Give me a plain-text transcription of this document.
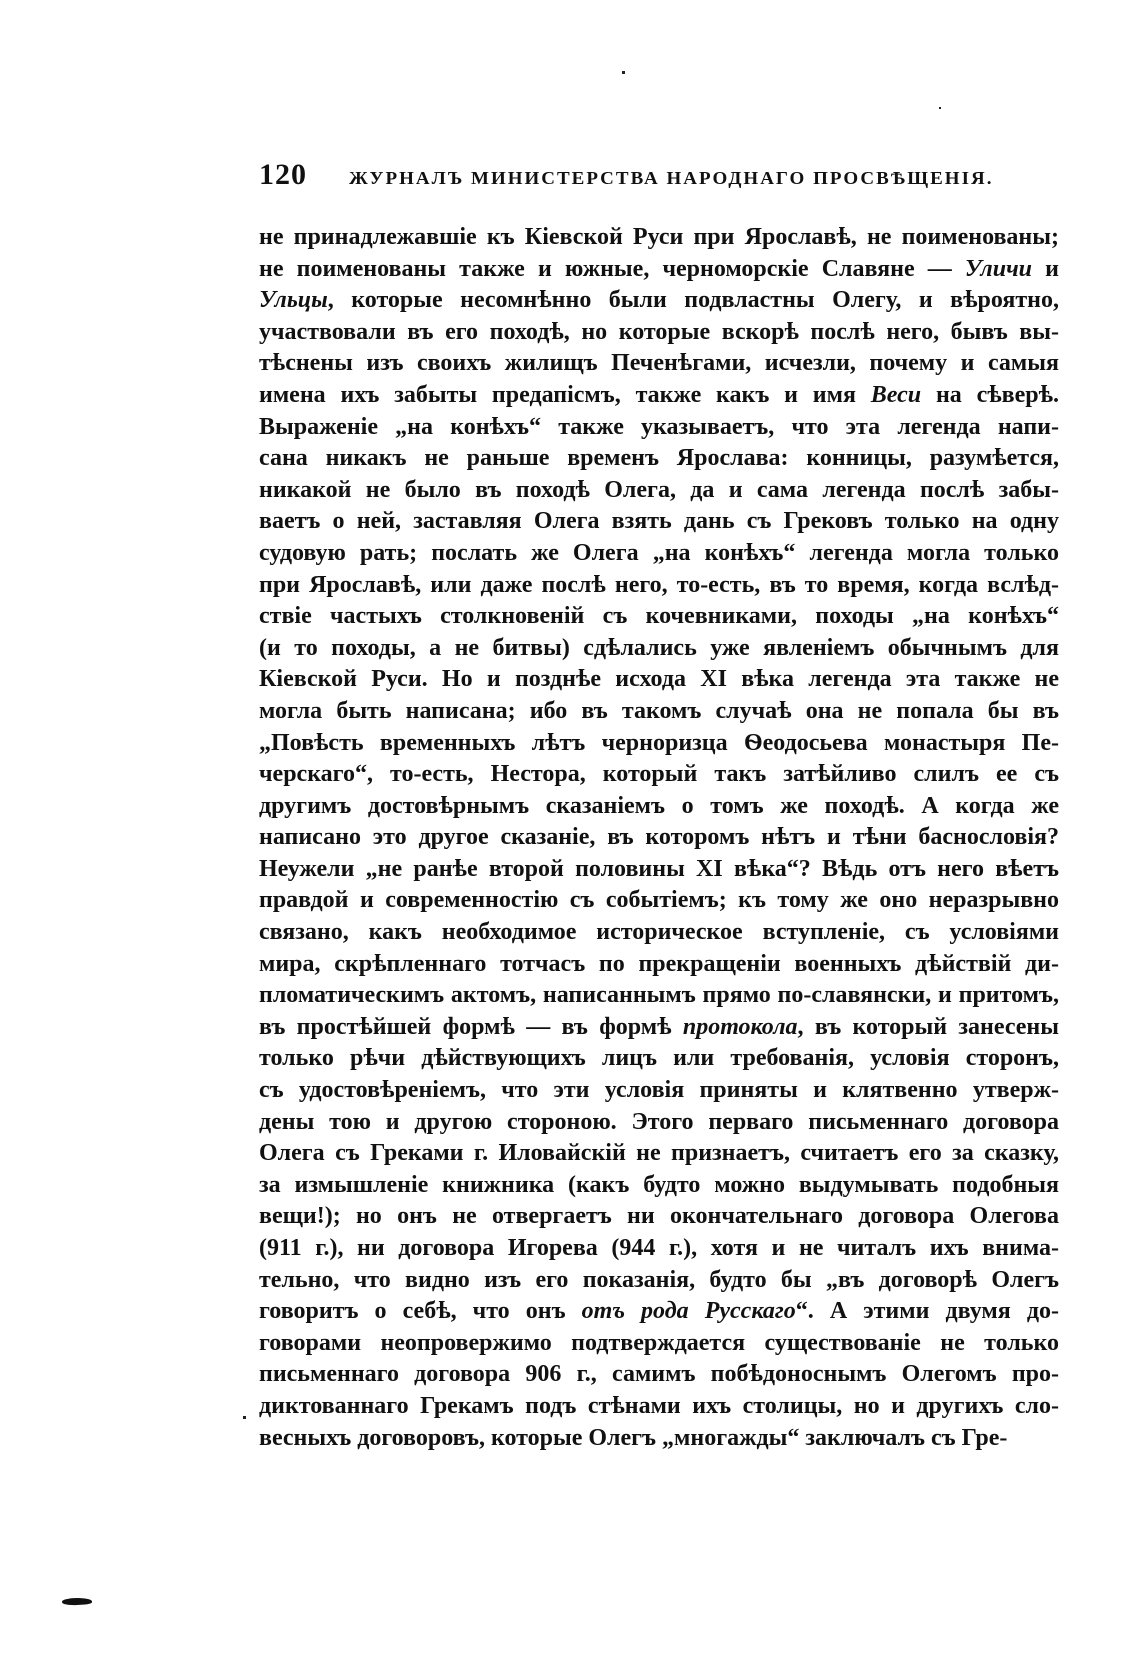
120 ЖУРНАЛЪ МИНИСТЕРСТВА НАРОДНАГО ПРОСВѢЩЕНІЯ.
не принадлежавшіе къ Кіевской Руси при Ярославѣ, не поименованы;
не поименованы также и южные, черноморскіе Славяне — Уличи и
Ульцы, которые несомнѣнно были подвластны Олегу, и вѣроятно,
участвовали въ его походѣ, но которые вскорѣ послѣ него, бывъ вы-
тѣснены изъ своихъ жилищъ Печенѣгами, исчезли, почему и самыя
имена ихъ забыты предапісмъ, также какъ и имя Веси на сѣверѣ.
Выраженіе „на конѣхъ“ также указываетъ, что эта легенда напи-
сана никакъ не раньше временъ Ярослава: конницы, разумѣется,
никакой не было въ походѣ Олега, да и сама легенда послѣ забы-
ваетъ о ней, заставляя Олега взять дань съ Грековъ только на одну
судовую рать; послать же Олега „на конѣхъ“ легенда могла только
при Ярославѣ, или даже послѣ него, то-есть, въ то время, когда вслѣд-
ствіе частыхъ столкновеній съ кочевниками, походы „на конѣхъ“
(и то походы, а не битвы) сдѣлались уже явленіемъ обычнымъ для
Кіевской Руси. Но и позднѣе исхода XI вѣка легенда эта также не
могла быть написана; ибо въ такомъ случаѣ она не попала бы въ
„Повѣсть временныхъ лѣтъ черноризца Ѳеодосьева монастыря Пе-
черскаго“, то-есть, Нестора, который такъ затѣйливо слилъ ее съ
другимъ достовѣрнымъ сказаніемъ о томъ же походѣ. А когда же
написано это другое сказаніе, въ которомъ нѣтъ и тѣни баснословія?
Неужели „не ранѣе второй половины XI вѣка“? Вѣдь отъ него вѣетъ
правдой и современностію съ событіемъ; къ тому же оно неразрывно
связано, какъ необходимое историческое вступленіе, съ условіями
мира, скрѣпленнаго тотчасъ по прекращеніи военныхъ дѣйствій ди-
пломатическимъ актомъ, написаннымъ прямо по-славянски, и притомъ,
въ простѣйшей формѣ — въ формѣ протокола, въ который занесены
только рѣчи дѣйствующихъ лицъ или требованія, условія сторонъ,
съ удостовѣреніемъ, что эти условія приняты и клятвенно утверж-
дены тою и другою стороною. Этого перваго письменнаго договора
Олега съ Греками г. Иловайскій не признаетъ, считаетъ его за сказку,
за измышленіе книжника (какъ будто можно выдумывать подобныя
вещи!); но онъ не отвергаетъ ни окончательнаго договора Олегова
(911 г.), ни договора Игорева (944 г.), хотя и не читалъ ихъ внима-
тельно, что видно изъ его показанія, будто бы „въ договорѣ Олегъ
говоритъ о себѣ, что онъ отъ рода Русскаго“. А этими двумя до-
говорами неопровержимо подтверждается существованіе не только
письменнаго договора 906 г., самимъ побѣдоноснымъ Олегомъ про-
диктованнаго Грекамъ подъ стѣнами ихъ столицы, но и другихъ сло-
весныхъ договоровъ, которые Олегъ „многажды“ заключалъ съ Гре-
